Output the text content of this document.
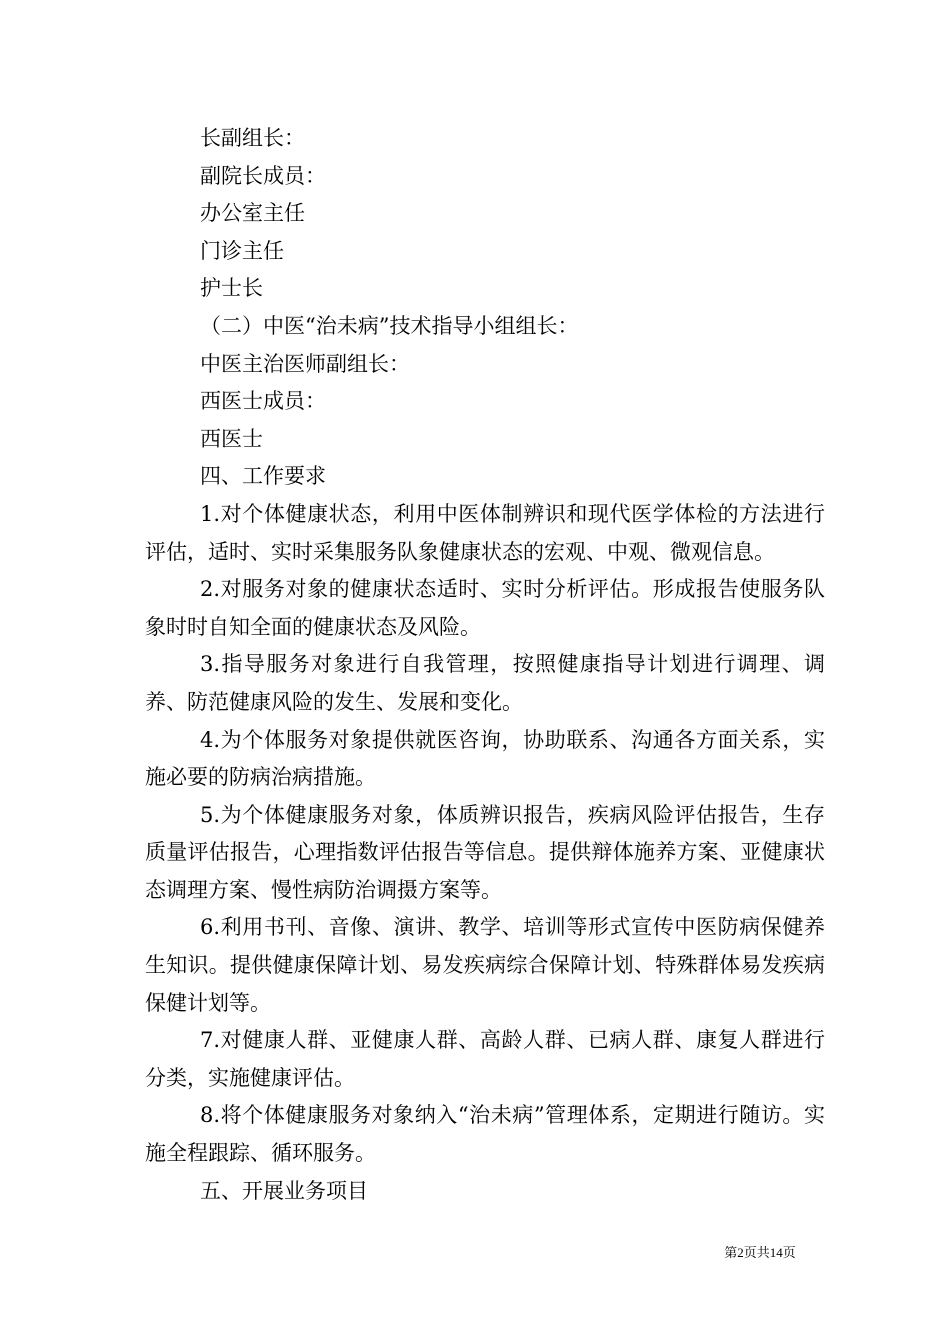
长副组长：

副院长成员：

办公室主任

门诊主任

护士长

（二）中医“治未病”技术指导小组组长：

中医主治医师副组长：

西医士成员：

西医士

四、工作要求

1.对个体健康状态，利用中医体制辨识和现代医学体检的方法进行评估，适时、实时采集服务队象健康状态的宏观、中观、微观信息。

2.对服务对象的健康状态适时、实时分析评估。形成报告使服务队象时时自知全面的健康状态及风险。

3.指导服务对象进行自我管理，按照健康指导计划进行调理、调养、防范健康风险的发生、发展和变化。

4.为个体服务对象提供就医咨询，协助联系、沟通各方面关系，实施必要的防病治病措施。

5.为个体健康服务对象，体质辨识报告，疾病风险评估报告，生存质量评估报告，心理指数评估报告等信息。提供辩体施养方案、亚健康状态调理方案、慢性病防治调摄方案等。

6.利用书刊、音像、演讲、教学、培训等形式宣传中医防病保健养生知识。提供健康保障计划、易发疾病综合保障计划、特殊群体易发疾病保健计划等。

7.对健康人群、亚健康人群、高龄人群、已病人群、康复人群进行分类，实施健康评估。

8.将个体健康服务对象纳入“治未病”管理体系，定期进行随访。实施全程跟踪、循环服务。

五、开展业务项目

第2页共14页
